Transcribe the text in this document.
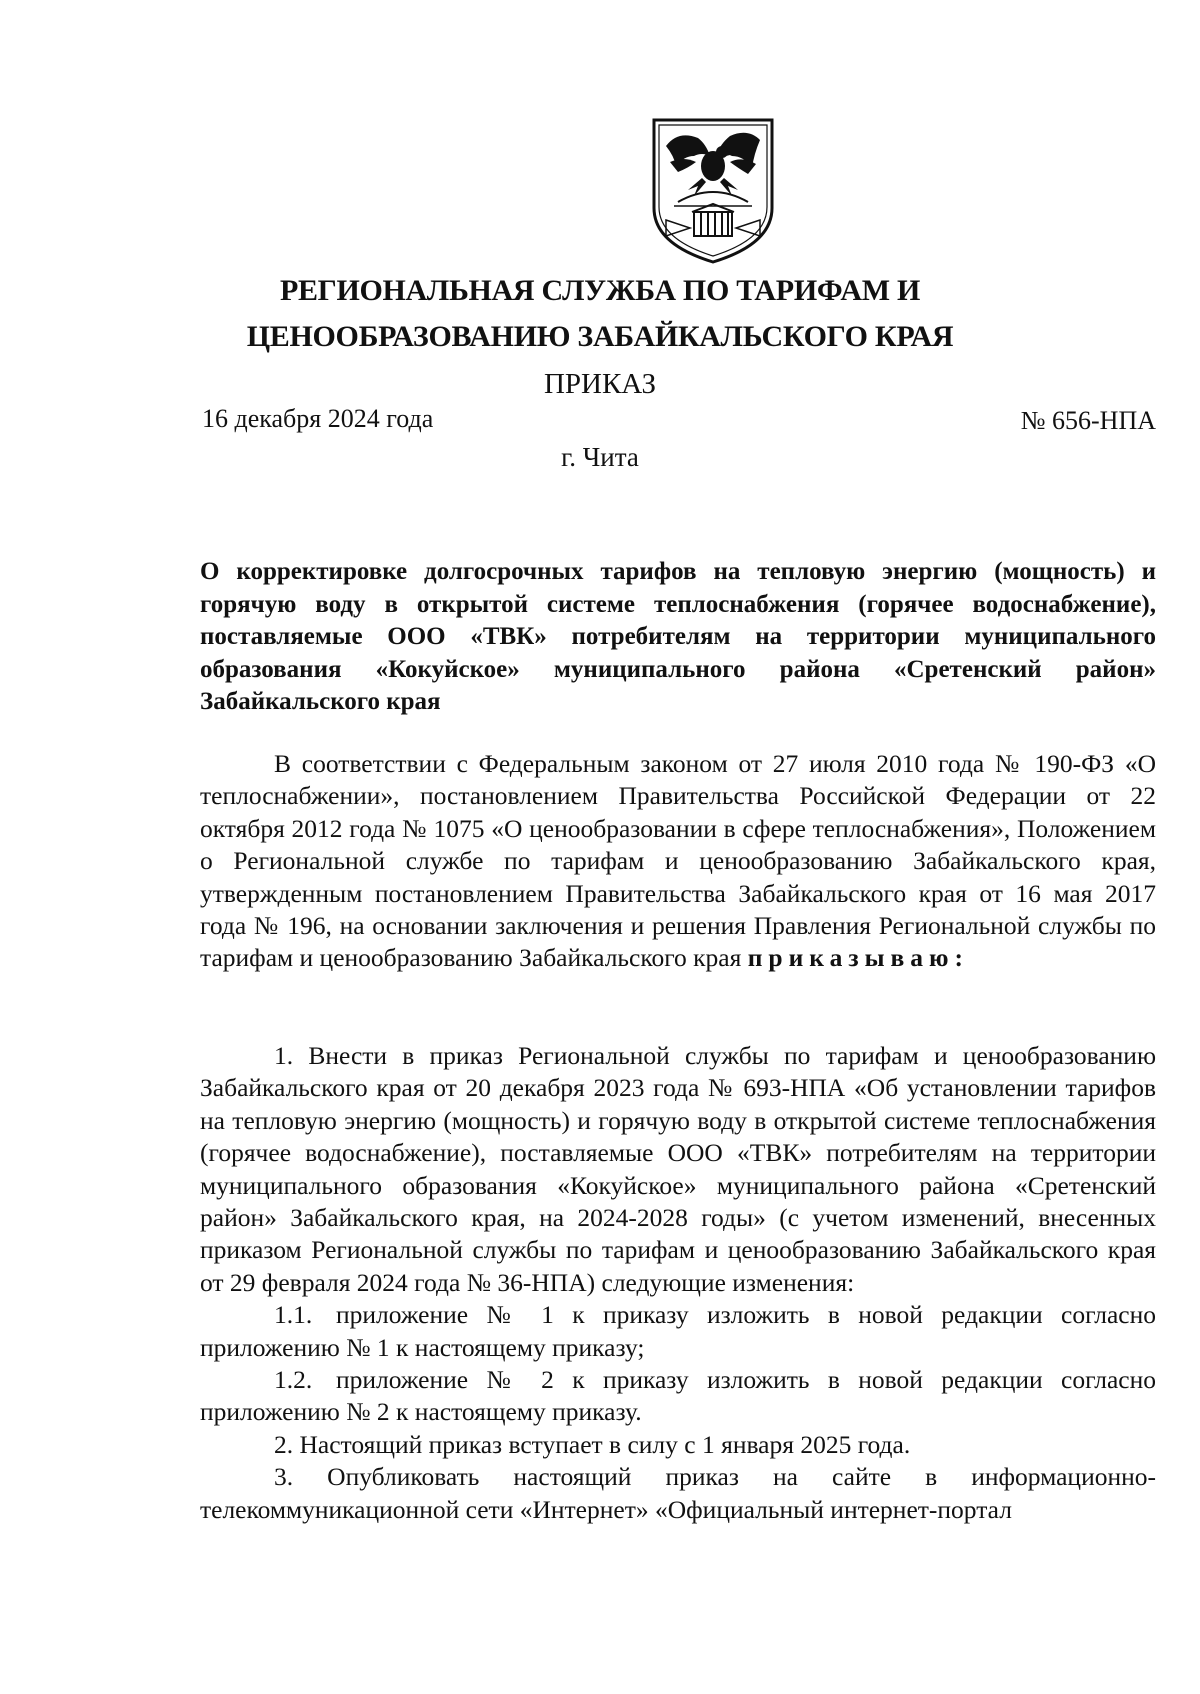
РЕГИОНАЛЬНАЯ СЛУЖБА ПО ТАРИФАМ И
ЦЕНООБРАЗОВАНИЮ ЗАБАЙКАЛЬСКОГО КРАЯ
ПРИКАЗ
16 декабря 2024 года	№ 656-НПА
г. Чита
О корректировке долгосрочных тарифов на тепловую энергию (мощность) и горячую воду в открытой системе теплоснабжения (горячее водоснабжение), поставляемые ООО «ТВК» потребителям на территории муниципального образования «Кокуйское» муниципального района «Сретенский район» Забайкальского края

В соответствии с Федеральным законом от 27 июля 2010 года № 190-ФЗ «О теплоснабжении», постановлением Правительства Российской Федерации от 22 октября 2012 года № 1075 «О ценообразовании в сфере теплоснабжения», Положением о Региональной службе по тарифам и ценообразованию Забайкальского края, утвержденным постановлением Правительства Забайкальского края от 16 мая 2017 года № 196, на основании заключения и решения Правления Региональной службы по тарифам и ценообразованию Забайкальского края приказываю:

1. Внести в приказ Региональной службы по тарифам и ценообразованию Забайкальского края от 20 декабря 2023 года № 693-НПА «Об установлении тарифов на тепловую энергию (мощность) и горячую воду в открытой системе теплоснабжения (горячее водоснабжение), поставляемые ООО «ТВК» потребителям на территории муниципального образования «Кокуйское» муниципального района «Сретенский район» Забайкальского края, на 2024-2028 годы» (с учетом изменений, внесенных приказом Региональной службы по тарифам и ценообразованию Забайкальского края от 29 февраля 2024 года № 36-НПА) следующие изменения:

1.1. приложение № 1 к приказу изложить в новой редакции согласно приложению № 1 к настоящему приказу;

1.2. приложение № 2 к приказу изложить в новой редакции согласно приложению № 2 к настоящему приказу.

2. Настоящий приказ вступает в силу с 1 января 2025 года.

3. Опубликовать настоящий приказ на сайте в информационно-телекоммуникационной сети «Интернет» «Официальный интернет-портал
